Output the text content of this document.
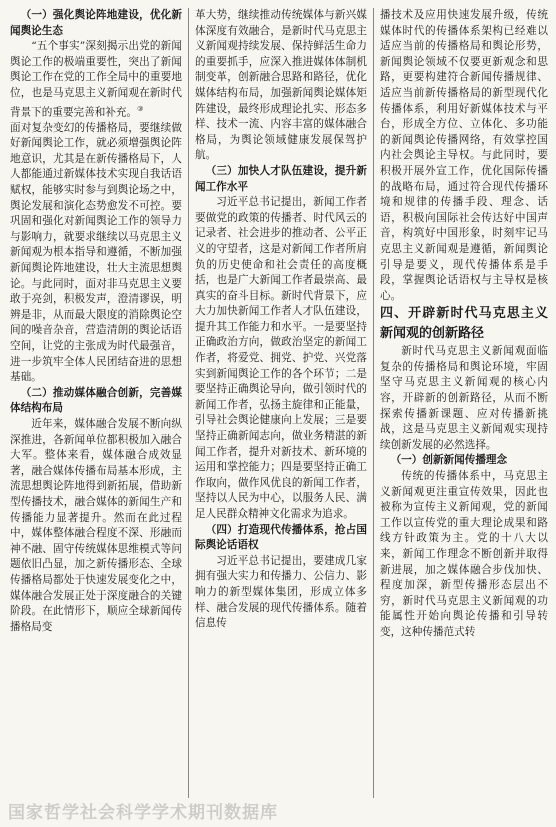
（一）强化舆论阵地建设，优化新闻舆论生态

“五个事实”深刻揭示出党的新闻舆论工作的极端重要性，突出了新闻舆论工作在党的工作全局中的重要地位，也是马克思主义新闻观在新时代背景下的重要完善和补充。③

面对复杂变幻的传播格局，要继续做好新闻舆论工作，就必须增强舆论阵地意识，尤其是在新传播格局下，人人都能通过新媒体技术实现自我话语赋权，能够实时参与到舆论场之中，舆论发展和演化态势愈发不可控。要巩固和强化对新闻舆论工作的领导力与影响力，就要求继续以马克思主义新闻观为根本指导和遵循，不断加强新闻舆论阵地建设，壮大主流思想舆论。与此同时，面对非马克思主义要敢于亮剑，积极发声，澄清谬误，明辨是非，从而最大限度的消除舆论空间的噪音杂音，营造清朗的舆论话语空间，让党的主张成为时代最强音，进一步筑牢全体人民团结奋进的思想基础。

（二）推动媒体融合创新，完善媒体结构布局

近年来，媒体融合发展不断向纵深推进，各新闻单位都积极加入融合大军。整体来看，媒体融合成效显著，融合媒体传播布局基本形成，主流思想舆论阵地得到新拓展，借助新型传播技术，融合媒体的新闻生产和传播能力显著提升。然而在此过程中，媒体整体融合程度不深、形融而神不融、固守传统媒体思维模式等问题依旧凸显，加之新传播形态、全球传播格局都处于快速发展变化之中，媒体融合发展正处于深度融合的关键阶段。在此情形下，顺应全球新闻传播格局变

革大势，继续推动传统媒体与新兴媒体深度有效融合，是新时代马克思主义新闻观持续发展、保持鲜活生命力的重要抓手，应深入推进媒体体制机制变革，创新融合思路和路径，优化媒体结构布局，加强新闻舆论媒体矩阵建设，最终形成理论扎实、形态多样、技术一流、内容丰富的媒体融合格局，为舆论领域健康发展保驾护航。

（三）加快人才队伍建设，提升新闻工作水平

习近平总书记提出，新闻工作者要做党的政策的传播者、时代风云的记录者、社会进步的推动者、公平正义的守望者，这是对新闻工作者所肩负的历史使命和社会责任的高度概括，也是广大新闻工作者最崇高、最真实的奋斗目标。新时代背景下，应大力加快新闻工作者人才队伍建设，提升其工作能力和水平。一是要坚持正确政治方向，做政治坚定的新闻工作者，将爱党、拥党、护党、兴党落实到新闻舆论工作的各个环节；二是要坚持正确舆论导向，做引领时代的新闻工作者，弘扬主旋律和正能量，引导社会舆论健康向上发展；三是要坚持正确新闻志向，做业务精湛的新闻工作者，提升对新技术、新环境的运用和掌控能力；四是要坚持正确工作取向，做作风优良的新闻工作者，坚持以人民为中心，以服务人民、满足人民群众精神文化需求为追求。

（四）打造现代传播体系，抢占国际舆论话语权

习近平总书记提出，要建成几家拥有强大实力和传播力、公信力、影响力的新型媒体集团，形成立体多样、融合发展的现代传播体系。随着信息传

播技术及应用快速发展升级，传统媒体时代的传播体系架构已经难以适应当前的传播格局和舆论形势，新闻舆论领域不仅要更新观念和思路，更要构建符合新闻传播规律、适应当前新传播格局的新型现代化传播体系，利用好新媒体技术与平台，形成全方位、立体化、多功能的新闻舆论传播网络，有效掌控国内社会舆论主导权。与此同时，要积极开展外宣工作，优化国际传播的战略布局，通过符合现代传播环境和规律的传播手段、理念、话语，积极向国际社会传达好中国声音，构筑好中国形象，时刻牢记马克思主义新闻观是遵循，新闻舆论引导是要义，现代传播体系是手段，掌握舆论话语权与主导权是核心。

四、开辟新时代马克思主义新闻观的创新路径

新时代马克思主义新闻观面临复杂的传播格局和舆论环境，牢固坚守马克思主义新闻观的核心内容，开辟新的创新路径，从而不断探索传播新课题、应对传播新挑战，这是马克思主义新闻观实现持续创新发展的必然选择。

（一）创新新闻传播理念

传统的传播体系中，马克思主义新闻观更注重宣传效果，因此也被称为宣传主义新闻观，党的新闻工作以宣传党的重大理论成果和路线方针政策为主。党的十八大以来，新闻工作理念不断创新并取得新进展，加之媒体融合步伐加快、程度加深，新型传播形态层出不穷，新时代马克思主义新闻观的功能属性开始向舆论传播和引导转变，这种传播范式转

国家哲学社会科学学术期刊数据库
